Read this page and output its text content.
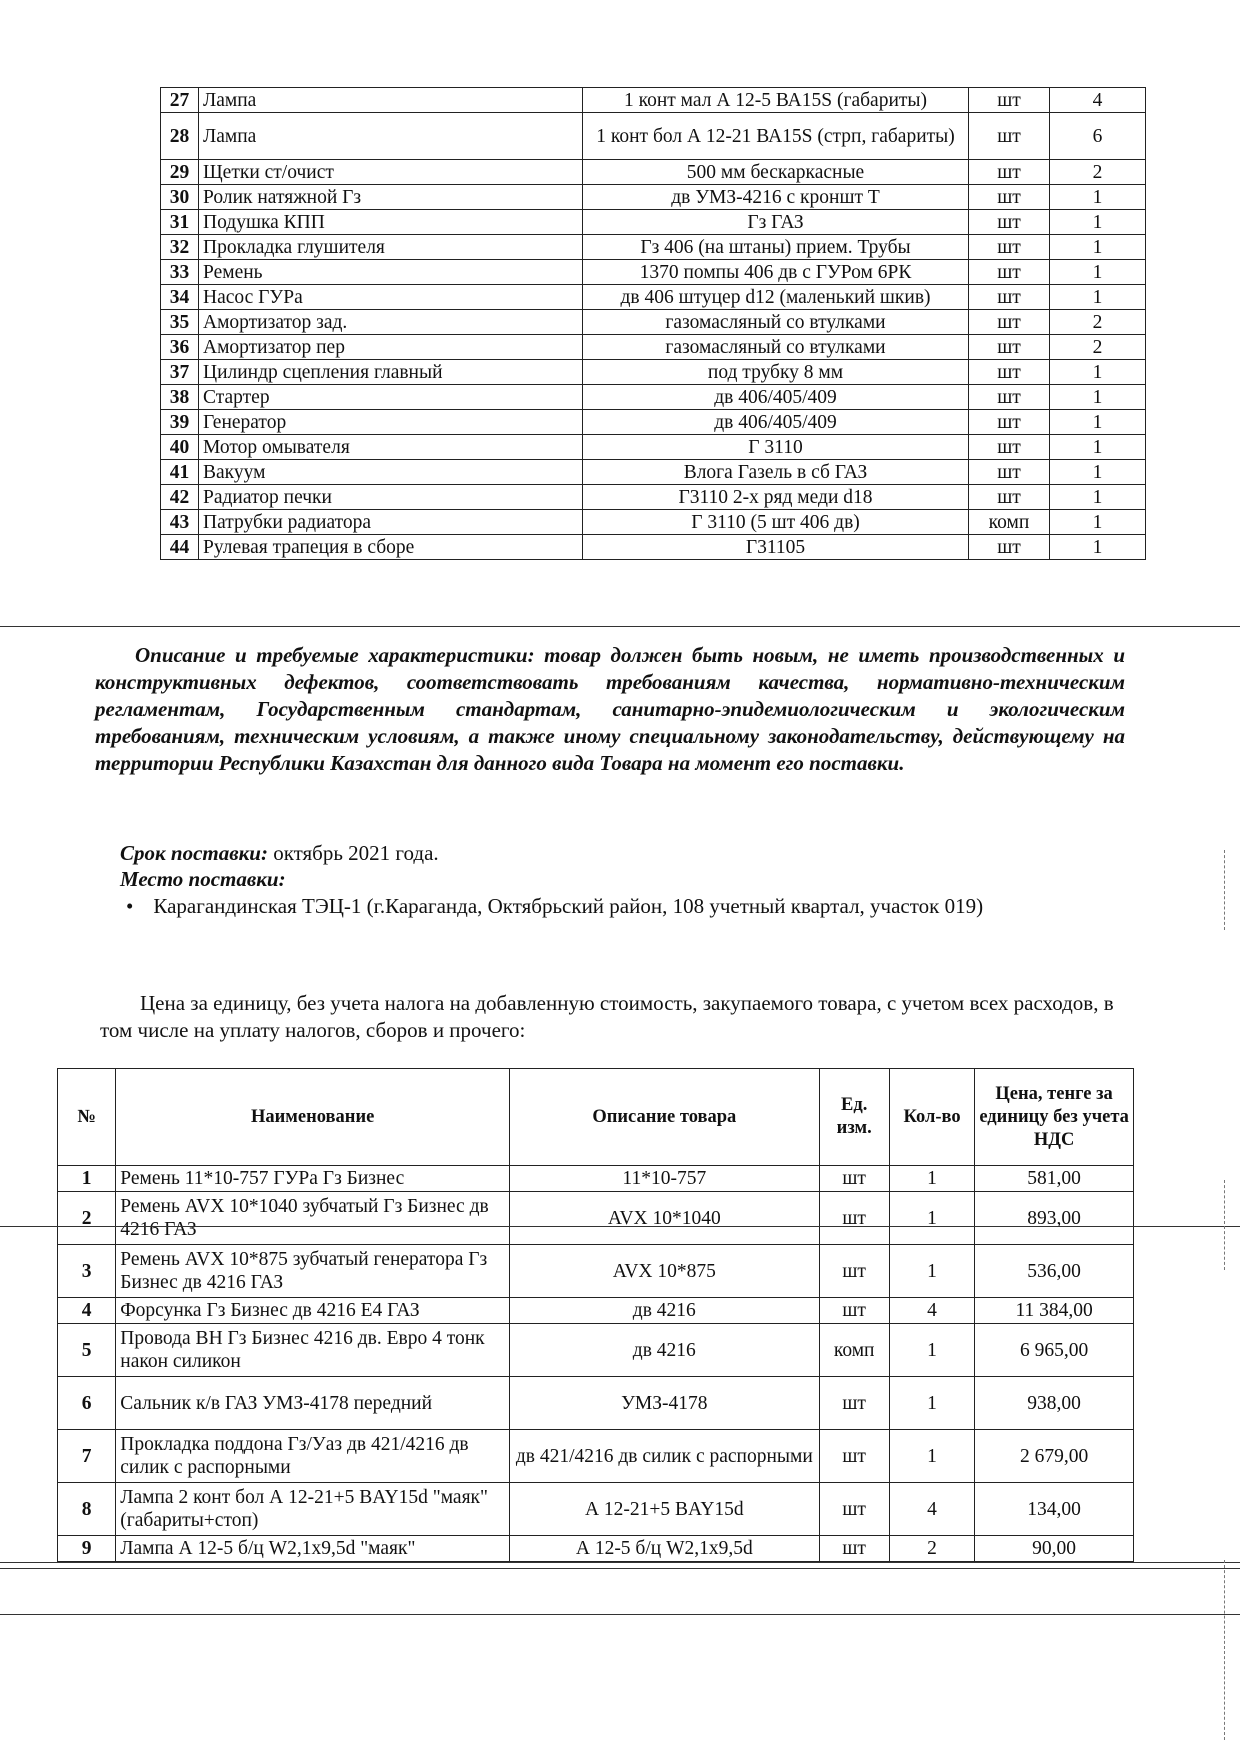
27	Лампа	1 конт мал А 12-5 ВА15S (габариты)	шт	4
28	Лампа	1 конт бол А 12-21 ВА15S (стрп, габариты)	шт	6
29	Щетки ст/очист	500 мм бескаркасные	шт	2
30	Ролик натяжной Гз	дв УМЗ-4216 с кроншт Т	шт	1
31	Подушка КПП	Гз ГАЗ	шт	1
32	Прокладка глушителя	Гз 406 (на штаны) прием. Трубы	шт	1
33	Ремень	1370 помпы 406 дв с ГУРом 6РК	шт	1
34	Насос ГУРа	дв 406 штуцер d12 (маленький шкив)	шт	1
35	Амортизатор зад.	газомасляный со втулками	шт	2
36	Амортизатор пер	газомасляный со втулками	шт	2
37	Цилиндр сцепления главный	под трубку 8 мм	шт	1
38	Стартер	дв 406/405/409	шт	1
39	Генератор	дв 406/405/409	шт	1
40	Мотор омывателя	Г 3110	шт	1
41	Вакуум	Влога Газель в сб ГАЗ	шт	1
42	Радиатор печки	Г3110 2-х ряд меди d18	шт	1
43	Патрубки радиатора	Г 3110 (5 шт 406 дв)	комп	1
44	Рулевая трапеция в сборе	Г31105	шт	1
Описание и требуемые характеристики: товар должен быть новым, не иметь производственных и конструктивных дефектов, соответствовать требованиям качества, нормативно-техническим регламентам, Государственным стандартам, санитарно-эпидемиологическим и экологическим требованиям, техническим условиям, а также иному специальному законодательству, действующему на территории Республики Казахстан для данного вида Товара на момент его поставки.
Срок поставки: октябрь 2021 года.
Место поставки:
• Карагандинская ТЭЦ-1 (г.Караганда, Октябрьский район, 108 учетный квартал, участок 019)
Цена за единицу, без учета налога на добавленную стоимость, закупаемого товара, с учетом всех расходов, в том числе на уплату налогов, сборов и прочего:
№	Наименование	Описание товара	Ед. изм.	Кол-во	Цена, тенге за единицу без учета НДС
1	Ремень 11*10-757 ГУРа Гз Бизнес	11*10-757	шт	1	581,00
2	Ремень AVX 10*1040 зубчатый Гз Бизнес дв 4216 ГАЗ	AVX 10*1040	шт	1	893,00
3	Ремень AVX 10*875 зубчатый генератора Гз Бизнес дв 4216 ГАЗ	AVX 10*875	шт	1	536,00
4	Форсунка Гз Бизнес дв 4216 Е4 ГАЗ	дв 4216	шт	4	11 384,00
5	Провода ВН Гз Бизнес 4216 дв. Евро 4 тонк након силикон	дв 4216	комп	1	6 965,00
6	Сальник к/в ГАЗ УМЗ-4178 передний	УМЗ-4178	шт	1	938,00
7	Прокладка поддона Гз/Уаз дв 421/4216 дв силик с распорными	дв 421/4216 дв силик с распорными	шт	1	2 679,00
8	Лампа 2 конт бол А 12-21+5 BAY15d "маяк" (габариты+стоп)	А 12-21+5 BAY15d	шт	4	134,00
9	Лампа А 12-5 б/ц W2,1x9,5d "маяк"	А 12-5 б/ц W2,1x9,5d	шт	2	90,00
